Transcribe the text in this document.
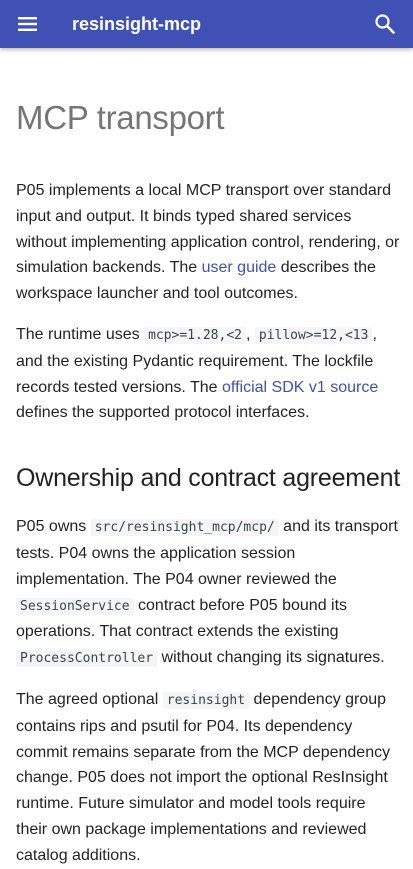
resinsight-mcp
MCP transport

P05 implements a local MCP transport over standard input and output. It binds typed shared services without implementing application control, rendering, or simulation backends. The user guide describes the workspace launcher and tool outcomes.

The runtime uses mcp>=1.28,<2 , pillow>=12,<13 , and the existing Pydantic requirement. The lockfile records tested versions. The official SDK v1 source defines the supported protocol interfaces.

Ownership and contract agreement

P05 owns src/resinsight_mcp/mcp/ and its transport tests. P04 owns the application session implementation. The P04 owner reviewed the SessionService contract before P05 bound its operations. That contract extends the existing ProcessController without changing its signatures.

The agreed optional resinsight dependency group contains rips and psutil for P04. Its dependency commit remains separate from the MCP dependency change. P05 does not import the optional ResInsight runtime. Future simulator and model tools require their own package implementations and reviewed catalog additions.
